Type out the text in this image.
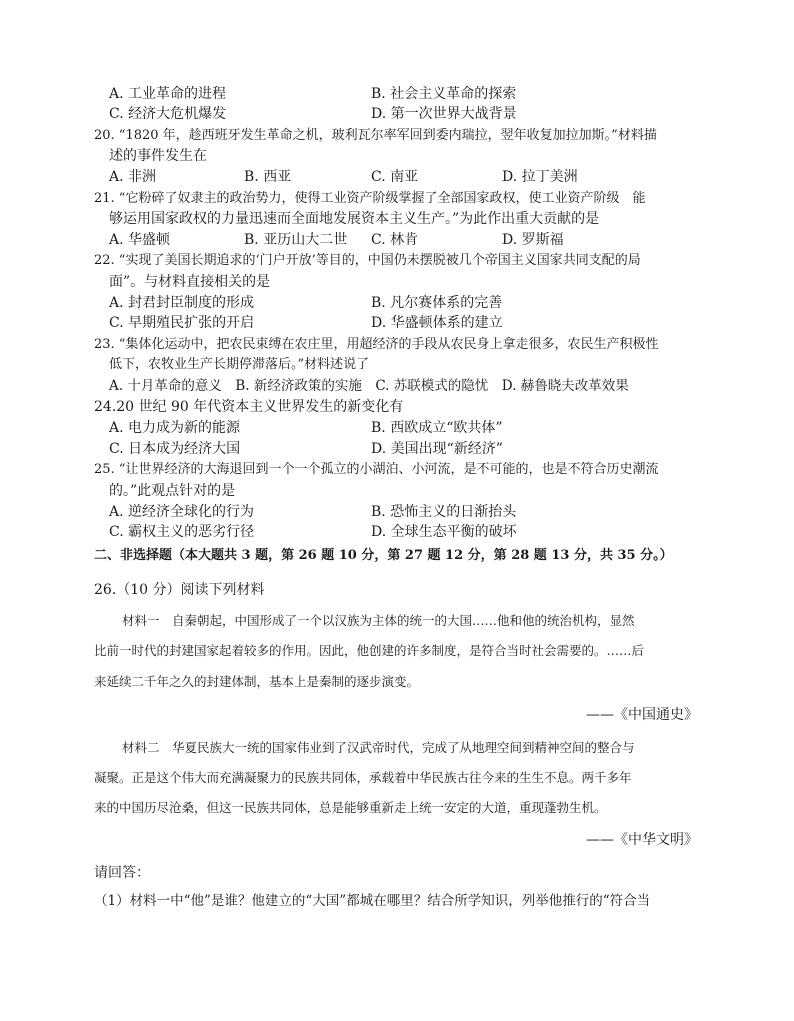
A. 工业革命的进程	B. 社会主义革命的探索
C. 经济大危机爆发	D. 第一次世界大战背景
20. “1820 年，趁西班牙发生革命之机，玻利瓦尔率军回到委内瑞拉，翌年收复加拉加斯。”材料描
述的事件发生在
A. 非洲	B. 西亚	C. 南亚	D. 拉丁美洲
21. “它粉碎了奴隶主的政治势力，使得工业资产阶级掌握了全部国家政权，使工业资产阶级　能
够运用国家政权的力量迅速而全面地发展资本主义生产。”为此作出重大贡献的是
A. 华盛顿	B. 亚历山大二世 C. 林肯	D. 罗斯福
22. “实现了美国长期追求的‘门户开放’等目的，中国仍未摆脱被几个帝国主义国家共同支配的局
面”。与材料直接相关的是
A. 封君封臣制度的形成	B. 凡尔赛体系的完善
C. 早期殖民扩张的开启	D. 华盛顿体系的建立
23. “集体化运动中，把农民束缚在农庄里，用超经济的手段从农民身上拿走很多，农民生产积极性
低下，农牧业生产长期停滞落后。”材料述说了
A. 十月革命的意义　B. 新经济政策的实施　C. 苏联模式的隐忧　D. 赫鲁晓夫改革效果
24.20 世纪 90 年代资本主义世界发生的新变化有
A. 电力成为新的能源	B. 西欧成立“欧共体”
C. 日本成为经济大国	D. 美国出现“新经济”
25. “让世界经济的大海退回到一个一个孤立的小湖泊、小河流，是不可能的，也是不符合历史潮流
的。”此观点针对的是
A. 逆经济全球化的行为	B. 恐怖主义的日渐抬头
C. 霸权主义的恶劣行径	D. 全球生态平衡的破坏
二、非选择题（本大题共 3 题，第 26 题 10 分，第 27 题 12 分，第 28 题 13 分，共 35 分。）
26.（10 分）阅读下列材料
材料一　自秦朝起，中国形成了一个以汉族为主体的统一的大国……他和他的统治机构，显然
比前一时代的封建国家起着较多的作用。因此，他创建的许多制度，是符合当时社会需要的。……后
来延续二千年之久的封建体制，基本上是秦制的逐步演变。
——《中国通史》
材料二　华夏民族大一统的国家伟业到了汉武帝时代，完成了从地理空间到精神空间的整合与
凝聚。正是这个伟大而充满凝聚力的民族共同体，承载着中华民族古往今来的生生不息。两千多年
来的中国历尽沧桑，但这一民族共同体，总是能够重新走上统一安定的大道，重现蓬勃生机。
——《中华文明》
请回答：
（1）材料一中“他”是谁？他建立的“大国”都城在哪里？结合所学知识，列举他推行的“符合当
